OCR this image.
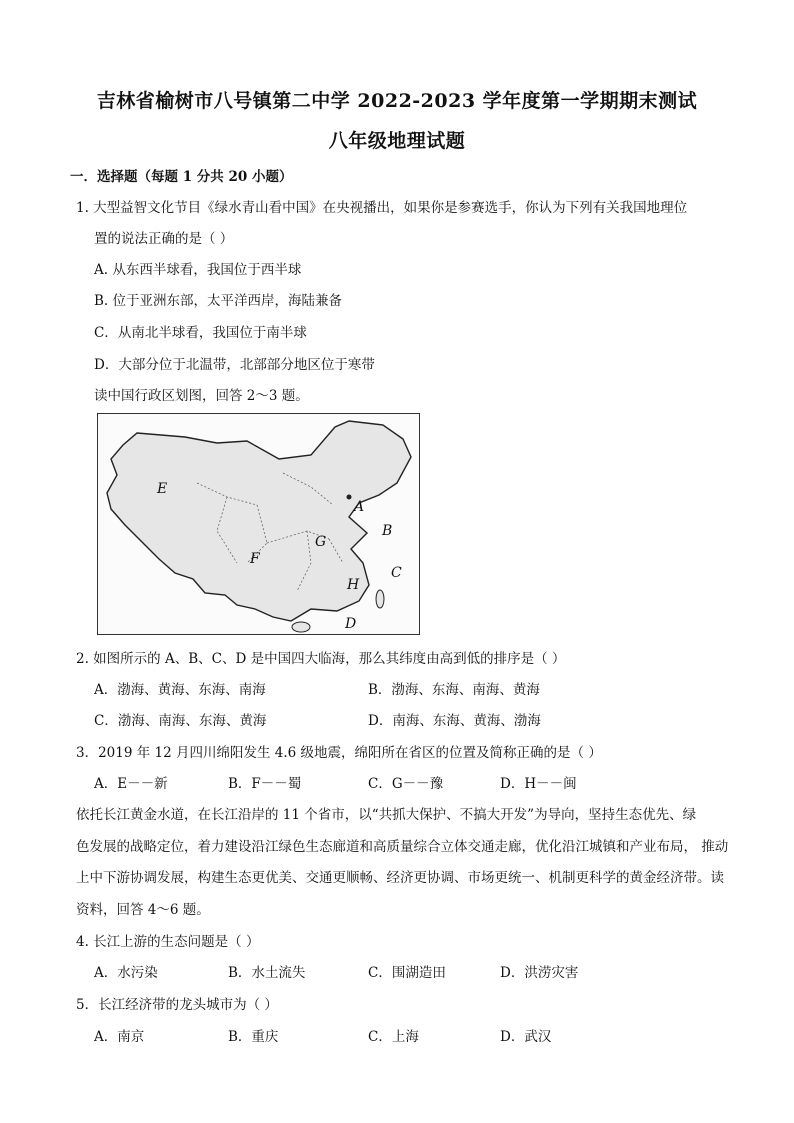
吉林省榆树市八号镇第二中学 2022-2023 学年度第一学期期末测试
八年级地理试题
一．选择题（每题 1 分共 20 小题）
1. 大型益智文化节目《绿水青山看中国》在央视播出，如果你是参赛选手，你认为下列有关我国地理位
置的说法正确的是（ ）
A. 从东西半球看，我国位于西半球
B. 位于亚洲东部，太平洋西岸，海陆兼备
C．从南北半球看，我国位于南半球
D．大部分位于北温带，北部部分地区位于寒带
读中国行政区划图，回答 2～3 题。
E
A
B
G
F
C
H
D
2. 如图所示的 A、B、C、D 是中国四大临海，那么其纬度由高到低的排序是（ ）
A．渤海、黄海、东海、南海	B．渤海、东海、南海、黄海
C．渤海、南海、东海、黄海	D．南海、东海、黄海、渤海
3．2019 年 12 月四川绵阳发生 4.6 级地震，绵阳所在省区的位置及简称正确的是（ ）
A．E－－新	B．F－－蜀	C．G－－豫	D．H－－闽
依托长江黄金水道，在长江沿岸的 11 个省市，以“共抓大保护、不搞大开发”为导向，坚持生态优先、绿
色发展的战略定位，着力建设沿江绿色生态廊道和高质量综合立体交通走廊，优化沿江城镇和产业布局， 推动
上中下游协调发展，构建生态更优美、交通更顺畅、经济更协调、市场更统一、机制更科学的黄金经济带。读
资料，回答 4～6 题。
4. 长江上游的生态问题是（ ）
A．水污染	B．水土流失	C．围湖造田	D．洪涝灾害
5．长江经济带的龙头城市为（ ）
A．南京	B．重庆	C．上海	D．武汉
